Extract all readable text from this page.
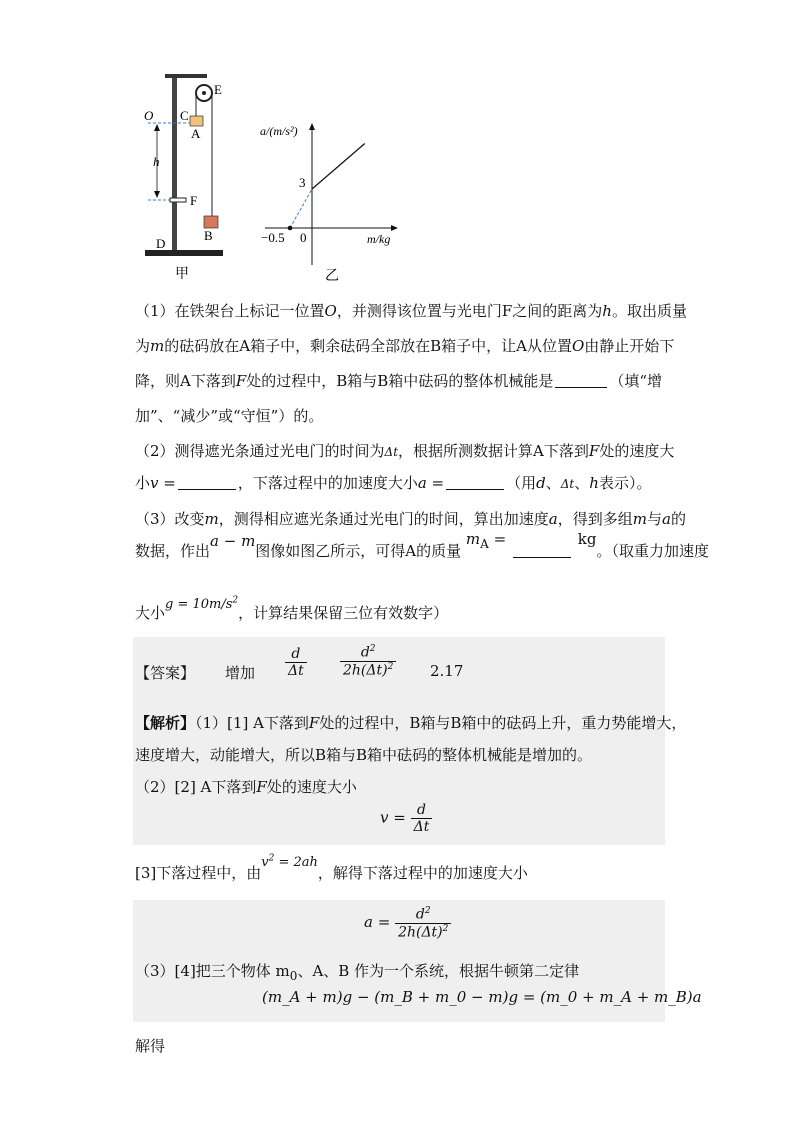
O C
A
E
h
F
B
D
甲
a/(m/s²)
m/kg
3
−0.5 0
乙
（1）在铁架台上标记一位置O，并测得该位置与光电门F之间的距离为h。取出质量
为m的砝码放在A箱子中，剩余砝码全部放在B箱子中，让A从位置O由静止开始下
降，则A下落到F处的过程中，B箱与B箱中砝码的整体机械能是	（填“增
加”、“减少”或“守恒”）的。
（2）测得遮光条通过光电门的时间为Δt，根据所测数据计算A下落到F处的速度大
小v =	，下落过程中的加速度大小a =	（用d、Δt、h表示）。
（3）改变m，测得相应遮光条通过光电门的时间，算出加速度a，得到多组m与a的
数据，作出a − m图像如图乙所示，可得A的质量 $m_A$ =	kg。（取重力加速度
大小$g = 10m/s^2$，计算结果保留三位有效数字）
【答案】 增加 $\frac{d}{\Delta t} \frac{d^2}{2h(\Delta t)^2} 2.17$
【解析】（1）[1] A下落到F处的过程中，B箱与B箱中的砝码上升，重力势能增大，
速度增大，动能增大，所以B箱与B箱中砝码的整体机械能是增加的。
（2）[2] A下落到F处的速度大小
$v = \frac{d}{\Delta t}$
[3]下落过程中，由$v^2 = 2ah$，解得下落过程中的加速度大小
$a = \frac{d^2}{2h(\Delta t)^2}$
（3）[4]把三个物体 $m_0$、A、B 作为一个系统，根据牛顿第二定律
(m_A + m)g − (m_B + m_0 − m)g = (m_0 + m_A + m_B)a
解得
